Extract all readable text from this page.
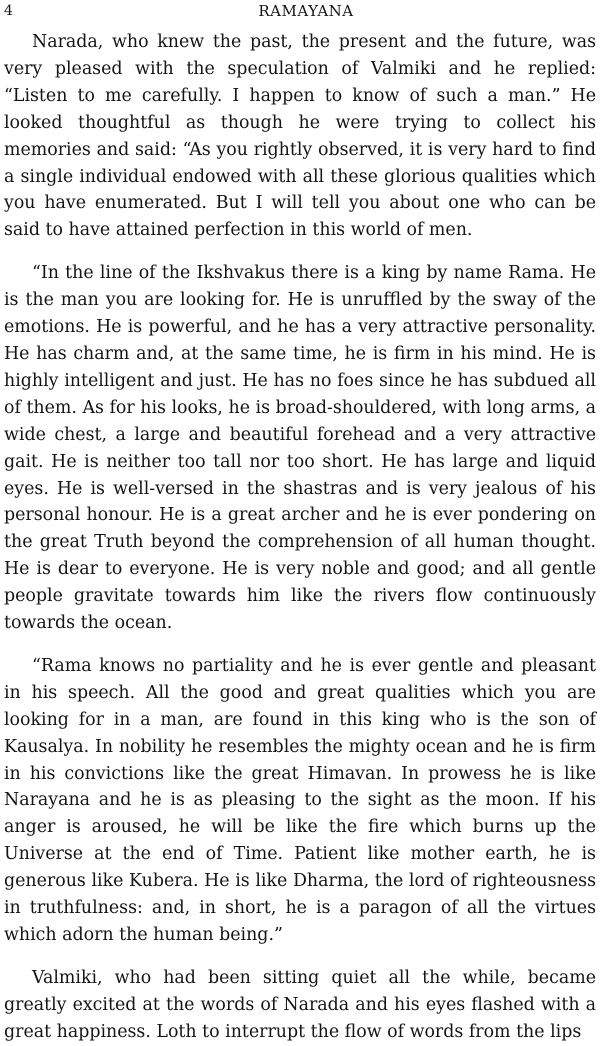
4	RAMAYANA

Narada, who knew the past, the present and the future, was very pleased with the speculation of Valmiki and he replied: “Listen to me carefully. I happen to know of such a man.” He looked thoughtful as though he were trying to collect his memories and said: “As you rightly observed, it is very hard to find a single individual endowed with all these glorious qualities which you have enumerated. But I will tell you about one who can be said to have attained perfection in this world of men.

“In the line of the Ikshvakus there is a king by name Rama. He is the man you are looking for. He is unruffled by the sway of the emotions. He is powerful, and he has a very attractive personality. He has charm and, at the same time, he is firm in his mind. He is highly intelligent and just. He has no foes since he has subdued all of them. As for his looks, he is broad-shouldered, with long arms, a wide chest, a large and beautiful forehead and a very attractive gait. He is neither too tall nor too short. He has large and liquid eyes. He is well-versed in the shastras and is very jealous of his personal honour. He is a great archer and he is ever pondering on the great Truth beyond the comprehension of all human thought. He is dear to everyone. He is very noble and good; and all gentle people gravitate towards him like the rivers flow continuously towards the ocean.

“Rama knows no partiality and he is ever gentle and pleasant in his speech. All the good and great qualities which you are looking for in a man, are found in this king who is the son of Kausalya. In nobility he resembles the mighty ocean and he is firm in his convictions like the great Himavan. In prowess he is like Narayana and he is as pleasing to the sight as the moon. If his anger is aroused, he will be like the fire which burns up the Universe at the end of Time. Patient like mother earth, he is generous like Kubera. He is like Dharma, the lord of righteousness in truthfulness: and, in short, he is a paragon of all the virtues which adorn the human being.”

Valmiki, who had been sitting quiet all the while, became greatly excited at the words of Narada and his eyes flashed with a great happiness. Loth to interrupt the flow of words from the lips
